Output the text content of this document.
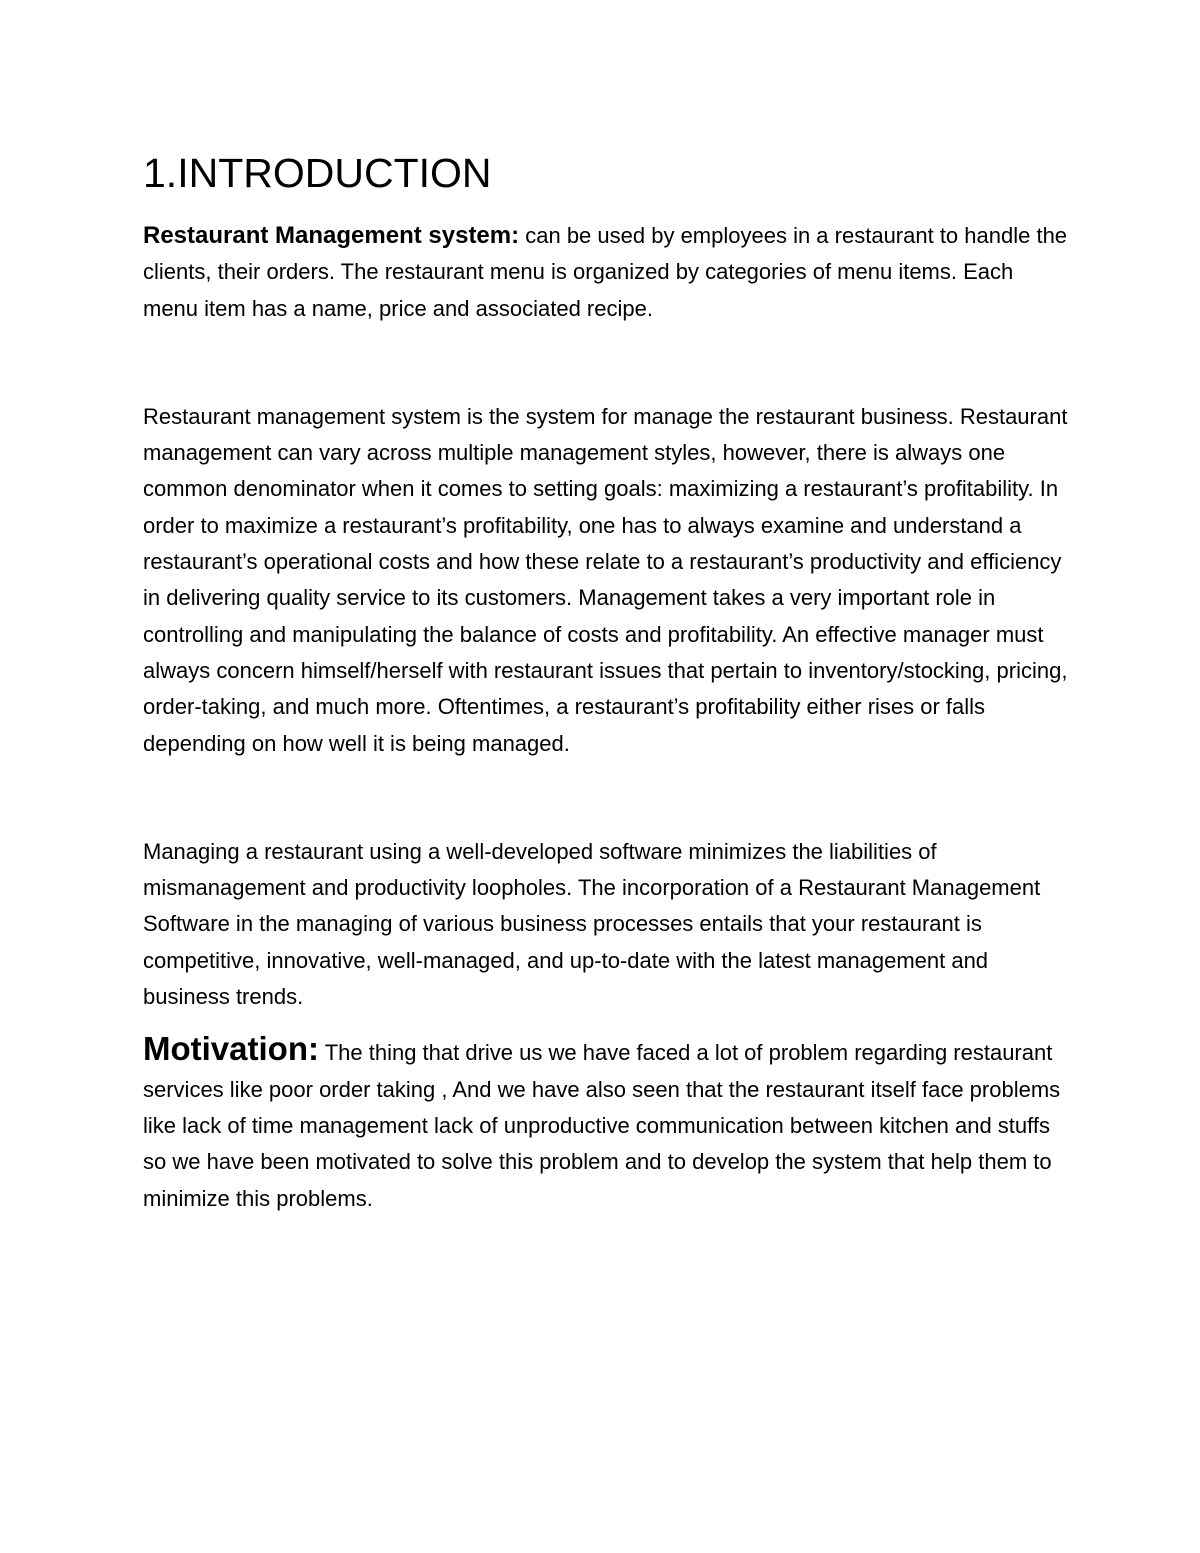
1.INTRODUCTION

Restaurant Management system: can be used by employees in a restaurant to handle the clients, their orders. The restaurant menu is organized by categories of menu items. Each menu item has a name, price and associated recipe.

Restaurant management system is the system for manage the restaurant business. Restaurant management can vary across multiple management styles, however, there is always one common denominator when it comes to setting goals: maximizing a restaurant’s profitability. In order to maximize a restaurant’s profitability, one has to always examine and understand a restaurant’s operational costs and how these relate to a restaurant’s productivity and efficiency in delivering quality service to its customers. Management takes a very important role in controlling and manipulating the balance of costs and profitability. An effective manager must always concern himself/herself with restaurant issues that pertain to inventory/stocking, pricing, order-taking, and much more. Oftentimes, a restaurant’s profitability either rises or falls depending on how well it is being managed.

Managing a restaurant using a well-developed software minimizes the liabilities of mismanagement and productivity loopholes. The incorporation of a Restaurant Management Software in the managing of various business processes entails that your restaurant is competitive, innovative, well-managed, and up-to-date with the latest management and business trends.

Motivation: The thing that drive us we have faced a lot of problem regarding restaurant services like poor order taking , And we have also seen that the restaurant itself face problems like lack of time management lack of unproductive communication between kitchen and stuffs so we have been motivated to solve this problem and to develop the system that help them to minimize this problems.
